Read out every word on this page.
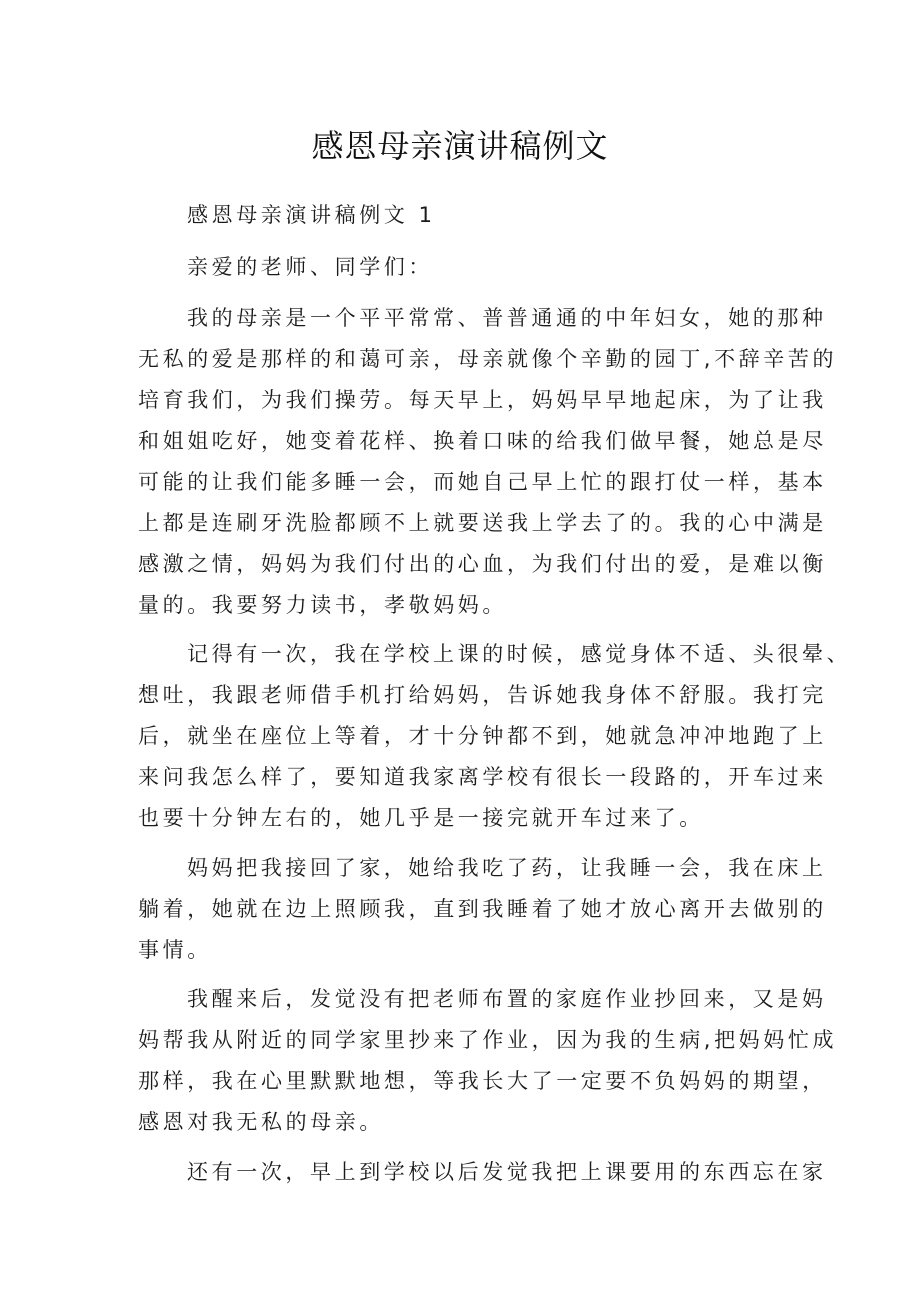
感恩母亲演讲稿例文
感恩母亲演讲稿例文 1
亲爱的老师、同学们：
我的母亲是一个平平常常、普普通通的中年妇女，她的那种
无私的爱是那样的和蔼可亲，母亲就像个辛勤的园丁,不辞辛苦的
培育我们，为我们操劳。每天早上，妈妈早早地起床，为了让我
和姐姐吃好，她变着花样、换着口味的给我们做早餐，她总是尽
可能的让我们能多睡一会，而她自己早上忙的跟打仗一样，基本
上都是连刷牙洗脸都顾不上就要送我上学去了的。我的心中满是
感激之情，妈妈为我们付出的心血，为我们付出的爱，是难以衡
量的。我要努力读书，孝敬妈妈。
记得有一次，我在学校上课的时候，感觉身体不适、头很晕、
想吐，我跟老师借手机打给妈妈，告诉她我身体不舒服。我打完
后，就坐在座位上等着，才十分钟都不到，她就急冲冲地跑了上
来问我怎么样了，要知道我家离学校有很长一段路的，开车过来
也要十分钟左右的，她几乎是一接完就开车过来了。
妈妈把我接回了家，她给我吃了药，让我睡一会，我在床上
躺着，她就在边上照顾我，直到我睡着了她才放心离开去做别的
事情。
我醒来后，发觉没有把老师布置的家庭作业抄回来，又是妈
妈帮我从附近的同学家里抄来了作业，因为我的生病,把妈妈忙成
那样，我在心里默默地想，等我长大了一定要不负妈妈的期望，
感恩对我无私的母亲。
还有一次，早上到学校以后发觉我把上课要用的东西忘在家
